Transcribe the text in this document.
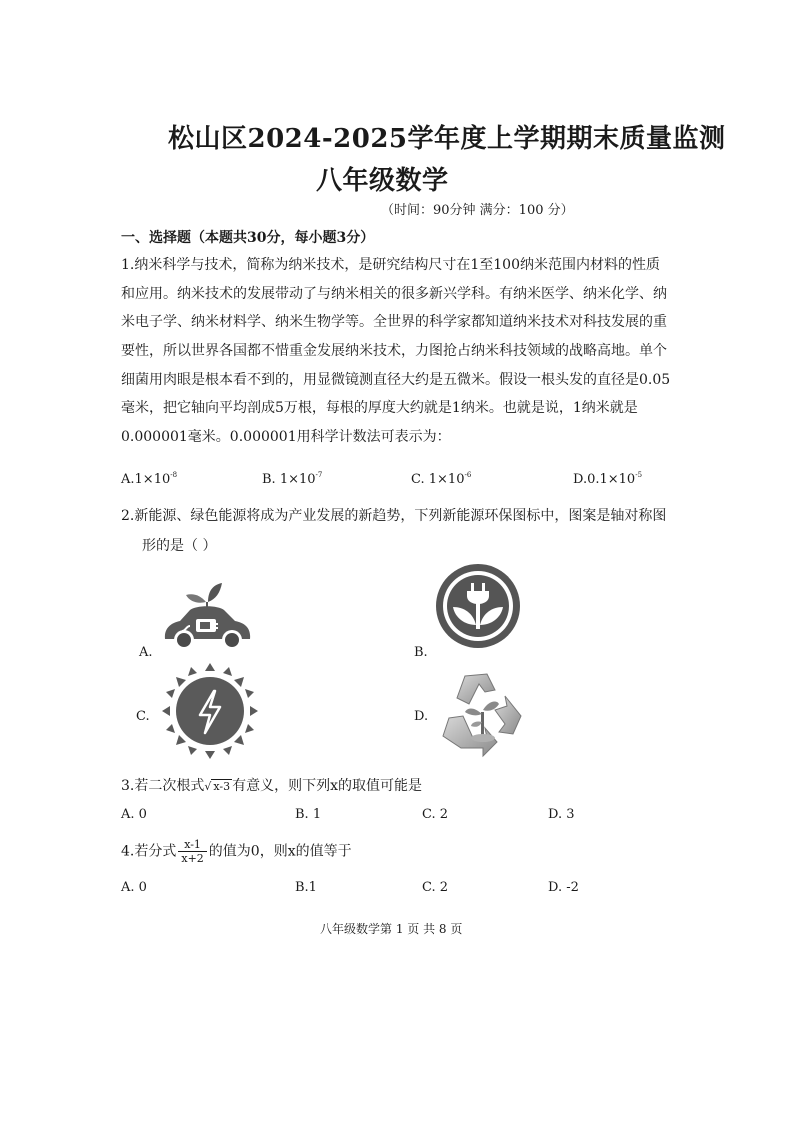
松山区2024-2025学年度上学期期末质量监测
八年级数学
（时间：90分钟 满分：100 分）
一、选择题（本题共30分，每小题3分）
1.纳米科学与技术，简称为纳米技术，是研究结构尺寸在1至100纳米范围内材料的性质
和应用。纳米技术的发展带动了与纳米相关的很多新兴学科。有纳米医学、纳米化学、纳
米电子学、纳米材料学、纳米生物学等。全世界的科学家都知道纳米技术对科技发展的重
要性，所以世界各国都不惜重金发展纳米技术，力图抢占纳米科技领域的战略高地。单个
细菌用肉眼是根本看不到的，用显微镜测直径大约是五微米。假设一根头发的直径是0.05
毫米，把它轴向平均剖成5万根，每根的厚度大约就是1纳米。也就是说，1纳米就是
0.000001毫米。0.000001用科学计数法可表示为：
$A.1\times 10^{-8}$	B. $1\times 10^{-7}$	C. $1\times 10^{-6}$	$D.0.1\times 10^{-5}$
2.新能源、绿色能源将成为产业发展的新趋势，下列新能源环保图标中，图案是轴对称图
形的是（ ）
A.	B.
C.	D.
3.若二次根式√ x-3 有意义，则下列x的取值可能是
A. 0	B. 1	C. 2	D. 3
4.若分式 $\frac{x-1}{x+2}$ 的值为0，则x的值等于
A. 0	B.1	C. 2	D. -2
八年级数学第 1 页 共 8 页
